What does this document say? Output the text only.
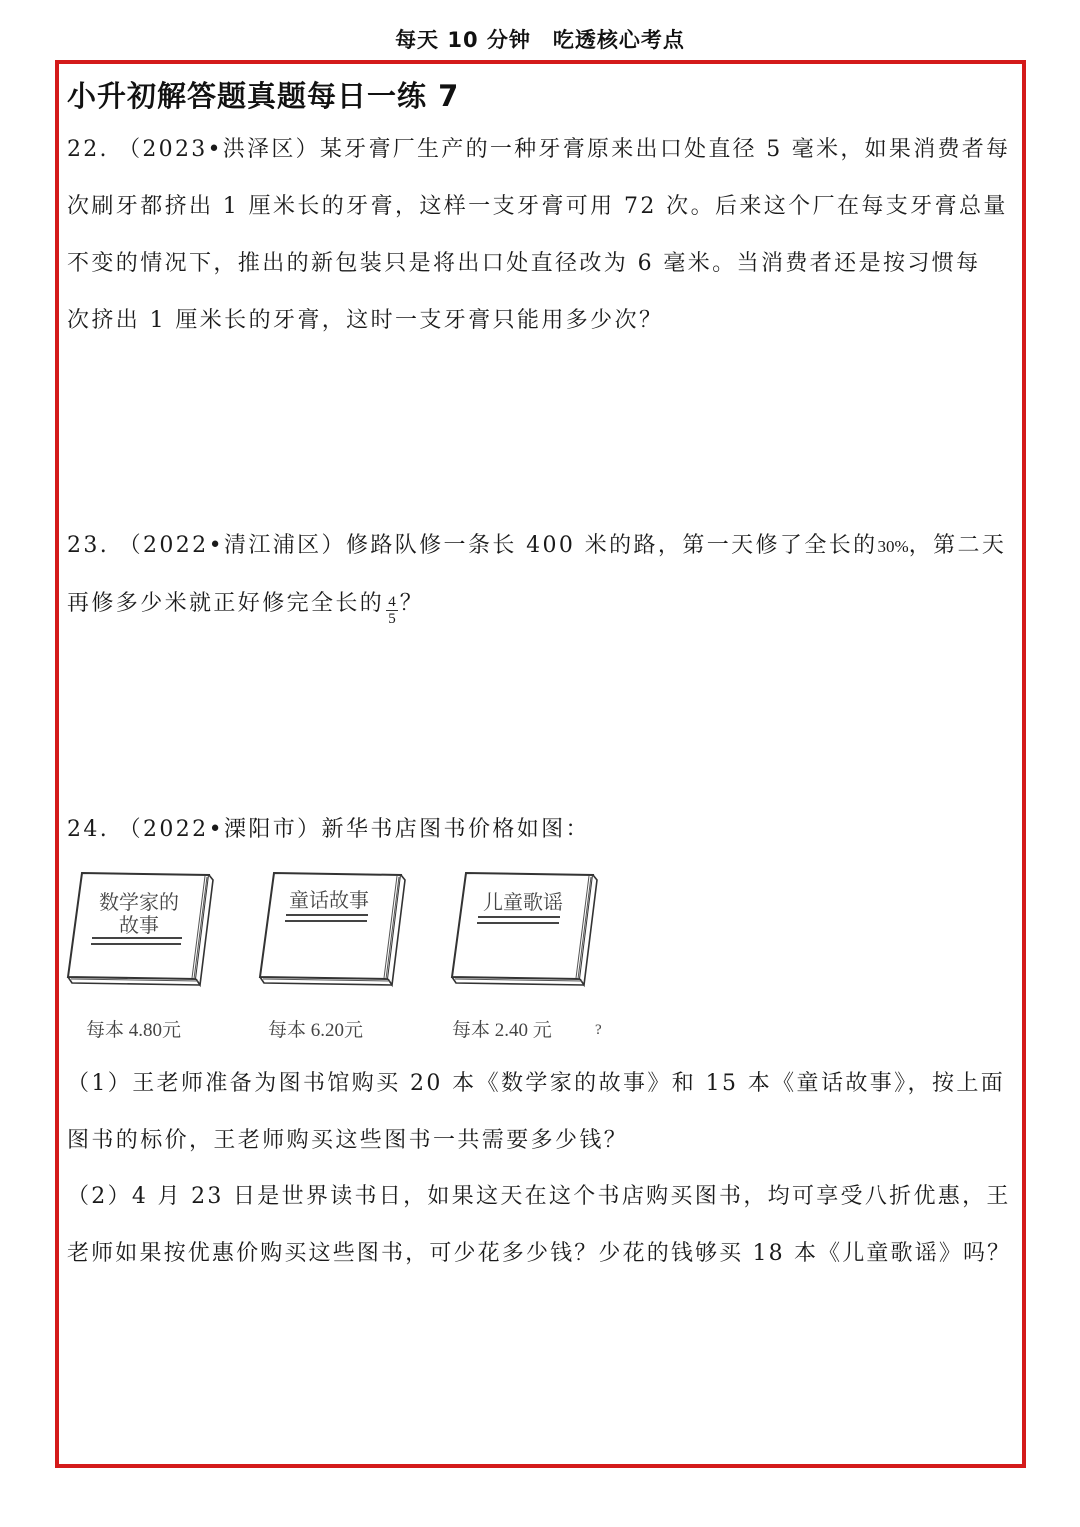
每天 10 分钟 吃透核心考点
小升初解答题真题每日一练 7
22. （2023•洪泽区）某牙膏厂生产的一种牙膏原来出口处直径 5 毫米，如果消费者每
次刷牙都挤出 1 厘米长的牙膏，这样一支牙膏可用 72 次。后来这个厂在每支牙膏总量
不变的情况下，推出的新包装只是将出口处直径改为 6 毫米。当消费者还是按习惯每
次挤出 1 厘米长的牙膏，这时一支牙膏只能用多少次？
23. （2022•清江浦区）修路队修一条长 400 米的路，第一天修了全长的30%，第二天
再修多少米就正好修完全长的 $\frac{4}{5}$ ？
24. （2022•溧阳市）新华书店图书价格如图：
数学家的
故事
每本 4.80元
童话故事
每本 6.20元
儿童歌谣
每本 2.40 元	?
（1）王老师准备为图书馆购买 20 本《数学家的故事》和 15 本《童话故事》，按上面
图书的标价，王老师购买这些图书一共需要多少钱？
（2）4 月 23 日是世界读书日，如果这天在这个书店购买图书，均可享受八折优惠，王
老师如果按优惠价购买这些图书，可少花多少钱？少花的钱够买 18 本《儿童歌谣》吗？
